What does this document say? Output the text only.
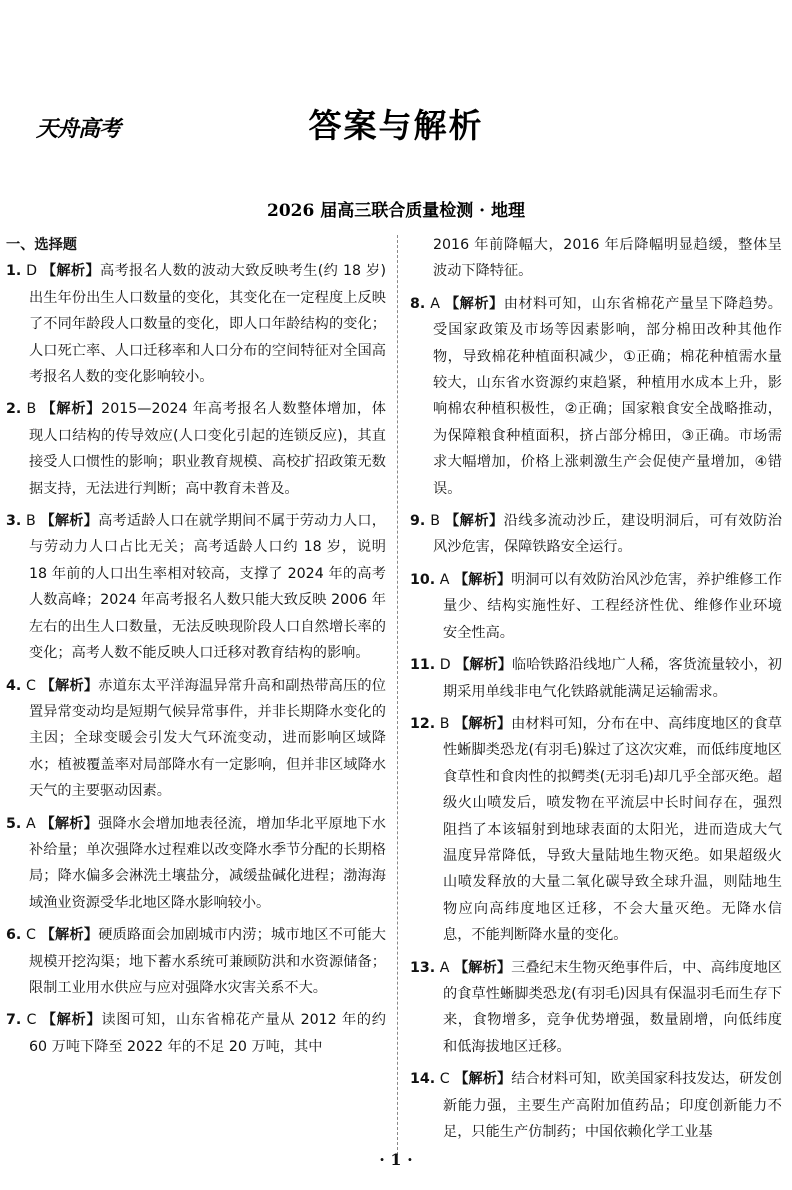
天舟高考	答案与解析
2026 届高三联合质量检测 · 地理

一、选择题

1. D 【解析】高考报名人数的波动大致反映考生(约 18 岁)出生年份出生人口数量的变化，其变化在一定程度上反映了不同年龄段人口数量的变化，即人口年龄结构的变化；人口死亡率、人口迁移率和人口分布的空间特征对全国高考报名人数的变化影响较小。

2. B 【解析】2015—2024 年高考报名人数整体增加，体现人口结构的传导效应(人口变化引起的连锁反应)，其直接受人口惯性的影响；职业教育规模、高校扩招政策无数据支持，无法进行判断；高中教育未普及。

3. B 【解析】高考适龄人口在就学期间不属于劳动力人口，与劳动力人口占比无关；高考适龄人口约 18 岁，说明 18 年前的人口出生率相对较高，支撑了 2024 年的高考人数高峰；2024 年高考报名人数只能大致反映 2006 年左右的出生人口数量，无法反映现阶段人口自然增长率的变化；高考人数不能反映人口迁移对教育结构的影响。

4. C 【解析】赤道东太平洋海温异常升高和副热带高压的位置异常变动均是短期气候异常事件，并非长期降水变化的主因；全球变暖会引发大气环流变动，进而影响区域降水；植被覆盖率对局部降水有一定影响，但并非区域降水天气的主要驱动因素。

5. A 【解析】强降水会增加地表径流，增加华北平原地下水补给量；单次强降水过程难以改变降水季节分配的长期格局；降水偏多会淋洗土壤盐分，减缓盐碱化进程；渤海海域渔业资源受华北地区降水影响较小。

6. C 【解析】硬质路面会加剧城市内涝；城市地区不可能大规模开挖沟渠；地下蓄水系统可兼顾防洪和水资源储备；限制工业用水供应与应对强降水灾害关系不大。

7. C 【解析】读图可知，山东省棉花产量从 2012 年的约 60 万吨下降至 2022 年的不足 20 万吨，其中

2016 年前降幅大，2016 年后降幅明显趋缓，整体呈波动下降特征。

8. A 【解析】由材料可知，山东省棉花产量呈下降趋势。受国家政策及市场等因素影响，部分棉田改种其他作物，导致棉花种植面积减少，①正确；棉花种植需水量较大，山东省水资源约束趋紧，种植用水成本上升，影响棉农种植积极性，②正确；国家粮食安全战略推动，为保障粮食种植面积，挤占部分棉田，③正确。市场需求大幅增加，价格上涨刺激生产会促使产量增加，④错误。

9. B 【解析】沿线多流动沙丘，建设明洞后，可有效防治风沙危害，保障铁路安全运行。

10. A 【解析】明洞可以有效防治风沙危害，养护维修工作量少、结构实施性好、工程经济性优、维修作业环境安全性高。

11. D 【解析】临哈铁路沿线地广人稀，客货流量较小，初期采用单线非电气化铁路就能满足运输需求。

12. B 【解析】由材料可知，分布在中、高纬度地区的食草性蜥脚类恐龙(有羽毛)躲过了这次灾难，而低纬度地区食草性和食肉性的拟鳄类(无羽毛)却几乎全部灭绝。超级火山喷发后，喷发物在平流层中长时间存在，强烈阻挡了本该辐射到地球表面的太阳光，进而造成大气温度异常降低，导致大量陆地生物灭绝。如果超级火山喷发释放的大量二氧化碳导致全球升温，则陆地生物应向高纬度地区迁移，不会大量灭绝。无降水信息，不能判断降水量的变化。

13. A 【解析】三叠纪末生物灭绝事件后，中、高纬度地区的食草性蜥脚类恐龙(有羽毛)因具有保温羽毛而生存下来，食物增多，竞争优势增强，数量剧增，向低纬度和低海拔地区迁移。

14. C 【解析】结合材料可知，欧美国家科技发达，研发创新能力强，主要生产高附加值药品；印度创新能力不足，只能生产仿制药；中国依赖化学工业基

· 1 ·
